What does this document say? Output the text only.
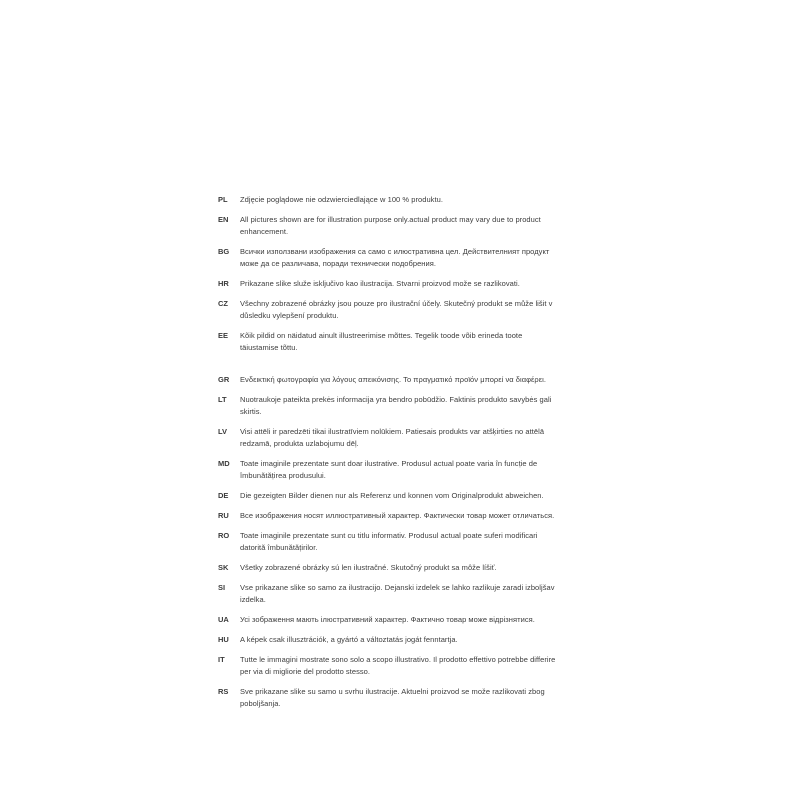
PL	Zdjęcie poglądowe nie odzwierciedlające w 100 % produktu.
EN	All pictures shown are for illustration purpose only.actual product may vary due to product enhancement.
BG	Всички използвани изображения са само с илюстративна цел. Действителният продукт може да се различава, поради технически подобрения.
HR	Prikazane slike služe isključivo kao ilustracija. Stvarni proizvod može se razlikovati.
CZ	Všechny zobrazené obrázky jsou pouze pro ilustrační účely. Skutečný produkt se může lišit v důsledku vylepšení produktu.
EE	Kõik pildid on näidatud ainult illustreerimise mõttes. Tegelik toode võib erineda toote täiustamise tõttu.
GR	Ενδεικτική φωτογραφία για λόγους απεικόνισης. Το πραγματικό προϊόν μπορεί να διαφέρει.
LT	Nuotraukoje pateikta prekės informacija yra bendro pobūdžio. Faktinis produkto savybės gali skirtis.
LV	Visi attēli ir paredzēti tikai ilustratīviem nolūkiem. Patiesais produkts var atšķirties no attēlā redzamā, produkta uzlabojumu dēļ.
MD	Toate imaginile prezentate sunt doar ilustrative. Produsul actual poate varia în funcție de îmbunătățirea produsului.
DE	Die gezeigten Bilder dienen nur als Referenz und konnen vom Originalprodukt abweichen.
RU	Все изображения носят иллюстративный характер. Фактически товар может отличаться.
RO	Toate imaginile prezentate sunt cu titlu informativ. Produsul actual poate suferi modificari datorită îmbunătățirilor.
SK	Všetky zobrazené obrázky sú len ilustračné. Skutočný produkt sa môže líšiť.
SI	Vse prikazane slike so samo za ilustracijo. Dejanski izdelek se lahko razlikuje zaradi izboljšav izdelka.
UA	Усі зображення мають ілюстративний характер. Фактично товар може відрізнятися.
HU	A képek csak illusztrációk, a gyártó a változtatás jogát fenntartja.
IT	Tutte le immagini mostrate sono solo a scopo illustrativo. Il prodotto effettivo potrebbe differire per via di migliorie del prodotto stesso.
RS	Sve prikazane slike su samo u svrhu ilustracije. Aktuelni proizvod se može razlikovati zbog poboljšanja.
